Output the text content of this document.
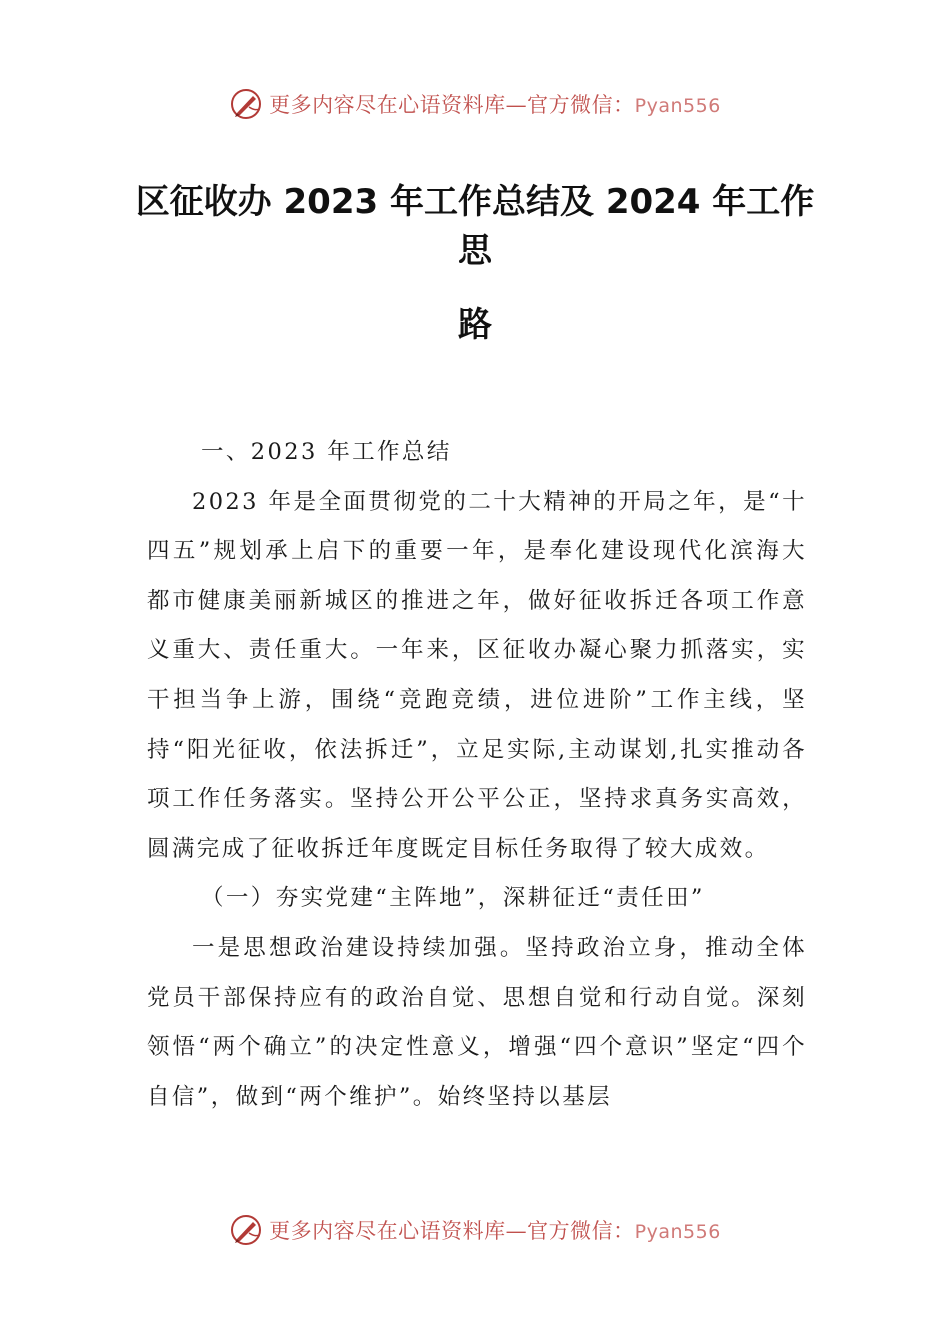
更多内容尽在心语资料库—官方微信：Pyan556
区征收办 2023 年工作总结及 2024 年工作思
路

一、2023 年工作总结

2023 年是全面贯彻党的二十大精神的开局之年，是“十四五”规划承上启下的重要一年，是奉化建设现代化滨海大都市健康美丽新城区的推进之年，做好征收拆迁各项工作意义重大、责任重大。一年来，区征收办凝心聚力抓落实，实干担当争上游，围绕“竞跑竞绩，进位进阶”工作主线，坚持“阳光征收，依法拆迁”，立足实际,主动谋划,扎实推动各项工作任务落实。坚持公开公平公正，坚持求真务实高效，圆满完成了征收拆迁年度既定目标任务取得了较大成效。

（一）夯实党建“主阵地”，深耕征迁“责任田”

一是思想政治建设持续加强。坚持政治立身，推动全体党员干部保持应有的政治自觉、思想自觉和行动自觉。深刻领悟“两个确立”的决定性意义，增强“四个意识”坚定“四个自信”，做到“两个维护”。始终坚持以基层

更多内容尽在心语资料库—官方微信：Pyan556
